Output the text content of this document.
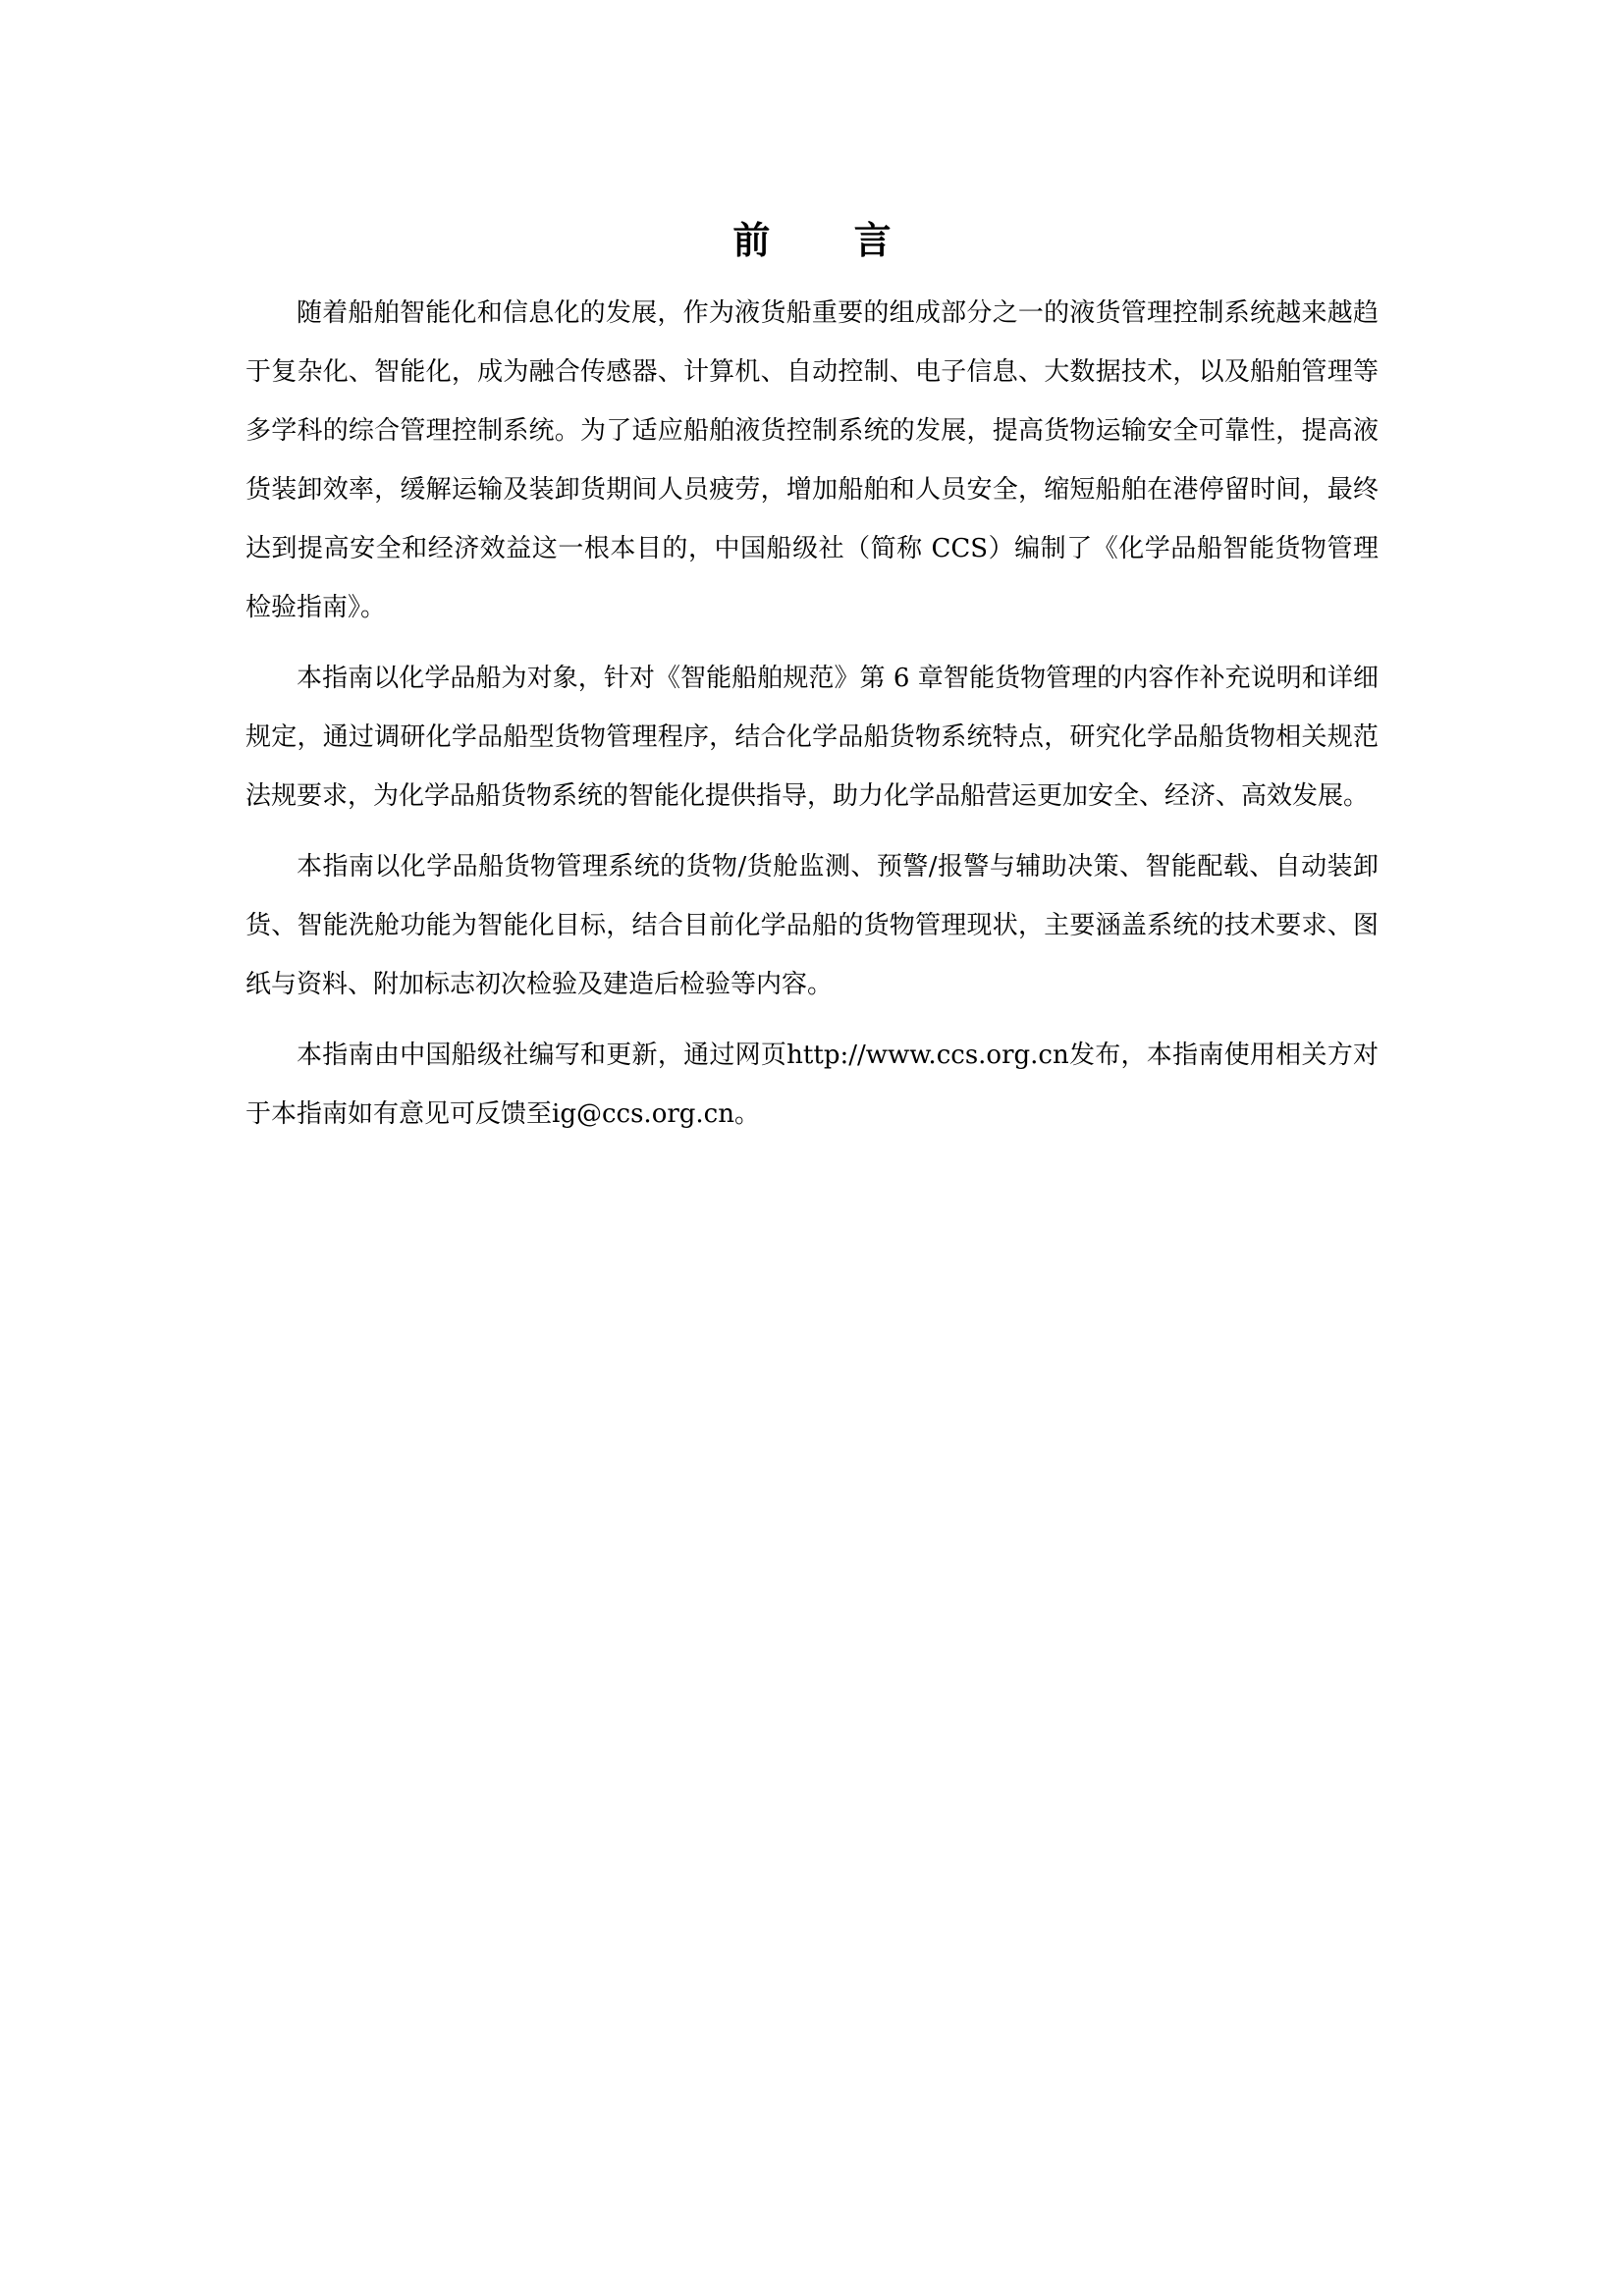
前 言

随着船舶智能化和信息化的发展，作为液货船重要的组成部分之一的液货管理控制系统越来越趋于复杂化、智能化，成为融合传感器、计算机、自动控制、电子信息、大数据技术，以及船舶管理等多学科的综合管理控制系统。为了适应船舶液货控制系统的发展，提高货物运输安全可靠性，提高液货装卸效率，缓解运输及装卸货期间人员疲劳，增加船舶和人员安全，缩短船舶在港停留时间，最终达到提高安全和经济效益这一根本目的，中国船级社（简称 CCS）编制了《化学品船智能货物管理检验指南》。

本指南以化学品船为对象，针对《智能船舶规范》第 6 章智能货物管理的内容作补充说明和详细规定，通过调研化学品船型货物管理程序，结合化学品船货物系统特点，研究化学品船货物相关规范法规要求，为化学品船货物系统的智能化提供指导，助力化学品船营运更加安全、经济、高效发展。

本指南以化学品船货物管理系统的货物/货舱监测、预警/报警与辅助决策、智能配载、自动装卸货、智能洗舱功能为智能化目标，结合目前化学品船的货物管理现状，主要涵盖系统的技术要求、图纸与资料、附加标志初次检验及建造后检验等内容。

本指南由中国船级社编写和更新，通过网页http://www.ccs.org.cn发布，本指南使用相关方对于本指南如有意见可反馈至ig@ccs.org.cn。
